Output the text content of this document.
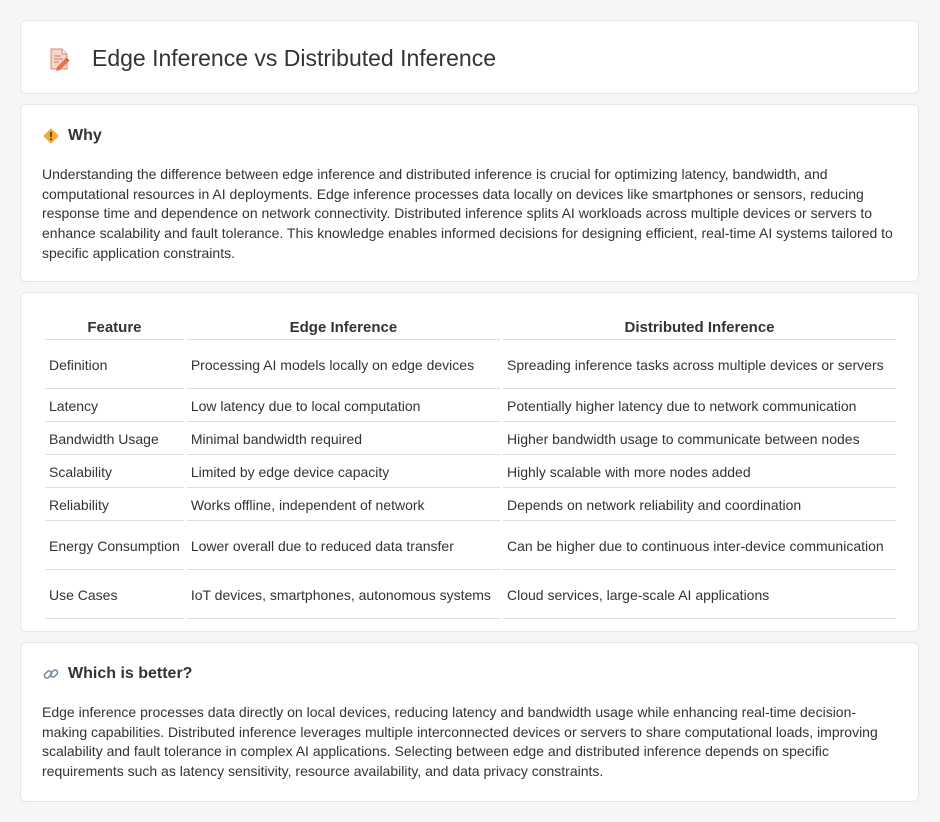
Edge Inference vs Distributed Inference
Why

Understanding the difference between edge inference and distributed inference is crucial for optimizing latency, bandwidth, and computational resources in AI deployments. Edge inference processes data locally on devices like smartphones or sensors, reducing response time and dependence on network connectivity. Distributed inference splits AI workloads across multiple devices or servers to enhance scalability and fault tolerance. This knowledge enables informed decisions for designing efficient, real-time AI systems tailored to specific application constraints.

Feature	Edge Inference	Distributed Inference
Definition	Processing AI models locally on edge devices	Spreading inference tasks across multiple devices or servers
Latency	Low latency due to local computation	Potentially higher latency due to network communication
Bandwidth Usage	Minimal bandwidth required	Higher bandwidth usage to communicate between nodes
Scalability	Limited by edge device capacity	Highly scalable with more nodes added
Reliability	Works offline, independent of network	Depends on network reliability and coordination
Energy Consumption	Lower overall due to reduced data transfer	Can be higher due to continuous inter-device communication
Use Cases	IoT devices, smartphones, autonomous systems	Cloud services, large-scale AI applications
Which is better?

Edge inference processes data directly on local devices, reducing latency and bandwidth usage while enhancing real-time decision-making capabilities. Distributed inference leverages multiple interconnected devices or servers to share computational loads, improving scalability and fault tolerance in complex AI applications. Selecting between edge and distributed inference depends on specific requirements such as latency sensitivity, resource availability, and data privacy constraints.
